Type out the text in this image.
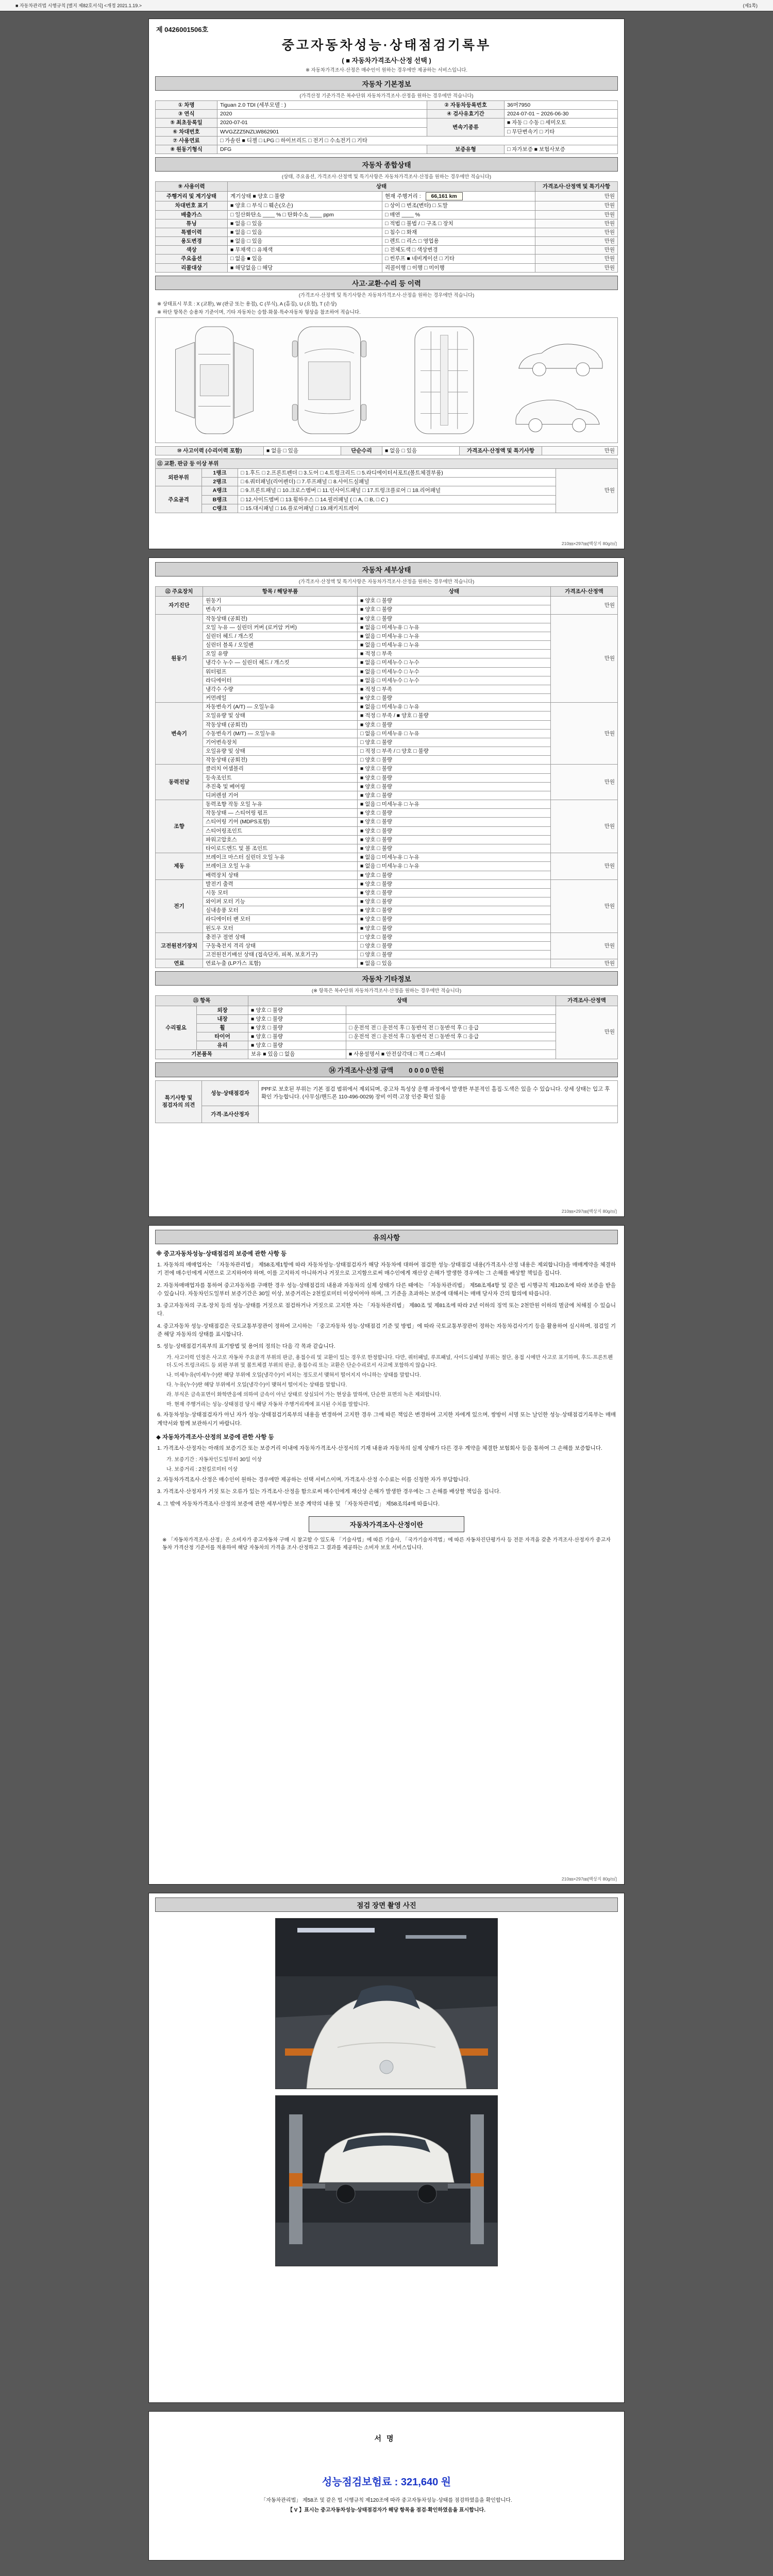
■ 자동차관리법 시행규칙 [별지 제82호서식] <개정 2021.1.19.>	(제1쪽)
제 0426001506호
중고자동차성능·상태점검기록부
( ■ 자동차가격조사·산정 선택 )
※ 자동차가격조사·산정은 매수인이 원하는 경우에만 제공하는 서비스입니다.
자동차 기본정보
(가격산정 기준가격은 복수단위 자동차가격조사·산정을 원하는 경우에만 적습니다)
① 차명	Tiguan 2.0 TDI (세부모델 : )	② 자동차등록번호	36머7950
③ 연식	2020	④ 검사유효기간	2024-07-01 ~ 2026-06-30
⑤ 최초등록일	2020-07-01	변속기종류	■ 자동 □ 수동 □ 세미오토
⑥ 차대번호	WVGZZZ5NZLW862901		□ 무단변속기 □ 기타
⑦ 사용연료	□ 가솔린 ■ 디젤 □ LPG □ 하이브리드 □ 전기 □ 수소전기 □ 기타		
⑧ 원동기형식	DFG	보증유형	□ 자가보증 ■ 보험사보증
자동차 종합상태
(상태, 주요옵션, 가격조사·산정액 및 특기사항은 자동차가격조사·산정을 원하는 경우에만 적습니다)
⑨ 사용이력	상태		가격조사·산정액 및 특기사항
주행거리 및 계기상태	계기상태 ■ 양호 □ 불량	현재 주행거리 : 66,161 km	만원
차대번호 표기	■ 양호 □ 부식 □ 훼손(오손)	□ 상이 □ 변조(변타) □ 도말	만원
배출가스	□ 일산화탄소 ____ % □ 탄화수소 ____ ppm	□ 매연 ____ %	만원
튜닝	■ 없음 □ 있음	□ 적법 □ 불법 / □ 구조 □ 장치	만원
특별이력	■ 없음 □ 있음	□ 침수 □ 화재	만원
용도변경	■ 없음 □ 있음	□ 렌트 □ 리스 □ 영업용	만원
색상	■ 무채색 □ 유채색	□ 전체도색 □ 색상변경	만원
주요옵션	□ 없음 ■ 있음	□ 썬루프 ■ 네비게이션 □ 기타	만원
리콜대상	■ 해당없음 □ 해당	리콜이행 □ 이행 □ 미이행	만원
사고·교환·수리 등 이력
(가격조사·산정액 및 특기사항은 자동차가격조사·산정을 원하는 경우에만 적습니다)
※ 상태표시 부호 : X (교환), W (판금 또는 용접), C (부식), A (흠집), U (요철), T (손상)
※ 하단 항목은 승용차 기준이며, 기타 자동차는 승합·화물·특수자동차 형상을 참조하여 적습니다.
⑩ 사고이력 (수리이력 포함)	■ 없음 □ 있음	단순수리	■ 없음 □ 있음	가격조사·산정액 및 특기사항	만원
⑪ 교환, 판금 등 이상 부위			
외판부위	1랭크	□ 1.후드 □ 2.프론트펜더 □ 3.도어 □ 4.트렁크리드 □ 5.라디에이터서포트(볼트체결부품)	만원
	2랭크	□ 6.쿼터패널(리어펜더) □ 7.루프패널 □ 8.사이드실패널	
주요골격	A랭크	□ 9.프론트패널 □ 10.크로스멤버 □ 11.인사이드패널 □ 17.트렁크플로어 □ 18.리어패널	
	B랭크	□ 12.사이드멤버 □ 13.휠하우스 □ 14.필러패널 ( □ A, □ B, □ C )	
	C랭크	□ 15.대시패널 □ 16.플로어패널 □ 19.패키지트레이	
210㎜×297㎜[백상지 80g/㎡]
자동차 세부상태
(가격조사·산정액 및 특기사항은 자동차가격조사·산정을 원하는 경우에만 적습니다)
⑫ 주요장치	항목 / 해당부품	상태	가격조사·산정액
자기진단	원동기	■ 양호 □ 불량	만원
	변속기	■ 양호 □ 불량	
원동기	작동상태 (공회전)	■ 양호 □ 불량	만원
	오일 누유 — 실린더 커버 (로커암 커버)	■ 없음 □ 미세누유 □ 누유	
	실린더 헤드 / 개스킷	■ 없음 □ 미세누유 □ 누유	
	실린더 블록 / 오일팬	■ 없음 □ 미세누유 □ 누유	
	오일 유량	■ 적정 □ 부족	
	냉각수 누수 — 실린더 헤드 / 개스킷	■ 없음 □ 미세누수 □ 누수	
	워터펌프	■ 없음 □ 미세누수 □ 누수	
	라디에이터	■ 없음 □ 미세누수 □ 누수	
	냉각수 수량	■ 적정 □ 부족	
	커먼레일	■ 양호 □ 불량	
변속기	자동변속기 (A/T) — 오일누유	■ 없음 □ 미세누유 □ 누유	만원
	오일유량 및 상태	■ 적정 □ 부족 / ■ 양호 □ 불량	
	작동상태 (공회전)	■ 양호 □ 불량	
	수동변속기 (M/T) — 오일누유	□ 없음 □ 미세누유 □ 누유	
	기어변속장치	□ 양호 □ 불량	
	오일유량 및 상태	□ 적정 □ 부족 / □ 양호 □ 불량	
	작동상태 (공회전)	□ 양호 □ 불량	
동력전달	클러치 어셈블리	■ 양호 □ 불량	만원
	등속조인트	■ 양호 □ 불량	
	추진축 및 베어링	■ 양호 □ 불량	
	디퍼렌셜 기어	■ 양호 □ 불량	
조향	동력조향 작동 오일 누유	■ 없음 □ 미세누유 □ 누유	만원
	작동상태 — 스티어링 펌프	■ 양호 □ 불량	
	스티어링 기어 (MDPS포함)	■ 양호 □ 불량	
	스티어링조인트	■ 양호 □ 불량	
	파워고압호스	■ 양호 □ 불량	
	타이로드엔드 및 볼 조인트	■ 양호 □ 불량	
제동	브레이크 마스터 실린더 오일 누유	■ 없음 □ 미세누유 □ 누유	만원
	브레이크 오일 누유	■ 없음 □ 미세누유 □ 누유	
	배력장치 상태	■ 양호 □ 불량	
전기	발전기 출력	■ 양호 □ 불량	만원
	시동 모터	■ 양호 □ 불량	
	와이퍼 모터 기능	■ 양호 □ 불량	
	실내송풍 모터	■ 양호 □ 불량	
	라디에이터 팬 모터	■ 양호 □ 불량	
	윈도우 모터	■ 양호 □ 불량	
고전원전기장치	충전구 절연 상태	□ 양호 □ 불량	만원
	구동축전지 격리 상태	□ 양호 □ 불량	
	고전원전기배선 상태 (접속단자, 피복, 보호기구)	□ 양호 □ 불량	
연료	연료누출 (LP가스 포함)	■ 없음 □ 있음	만원
자동차 기타정보
(※ 항목은 복수단위 자동차가격조사·산정을 원하는 경우에만 적습니다)
⑬ 항목		상태		가격조사·산정액
수리필요	외장	■ 양호 □ 불량		만원
	내장	■ 양호 □ 불량		
	휠	■ 양호 □ 불량	□ 운전석 전 □ 운전석 후 □ 동반석 전 □ 동반석 후 □ 응급	
	타이어	■ 양호 □ 불량	□ 운전석 전 □ 운전석 후 □ 동반석 전 □ 동반석 후 □ 응급	
	유리	■ 양호 □ 불량		
기본품목		보유 ■ 있음 □ 없음	■ 사용설명서 ■ 안전삼각대 □ 잭 □ 스패너	
⑭ 가격조사·산정 금액 0 0 0 0 만원
특기사항 및 점검자의 의견	성능·상태점검자	PPF로 보호된 부위는 기본 점검 범위에서 제외되며, 중고차 특성상 운행 과정에서 발생한 부분적인 흠집·도색은 있을 수 있습니다. 상세 상태는 입고 후 확인 가능합니다. (사무실/핸드폰 110-496-0029) 장비 이력·고장 인증 확인 있음
	가격·조사산정자	
210㎜×297㎜[백상지 80g/㎡]
유의사항
※ 중고자동차성능·상태점검의 보증에 관한 사항 등
1. 자동차의 매매업자는 「자동차관리법」 제58조제1항에 따라 자동차성능·상태점검자가 해당 자동차에 대하여 점검한 성능·상태점검 내용(가격조사·산정 내용은 제외합니다)을 매매계약을 체결하기 전에 매수인에게 서면으로 고지하여야 하며, 이를 고지하지 아니하거나 거짓으로 고지함으로써 매수인에게 재산상 손해가 발생한 경우에는 그 손해를 배상할 책임을 집니다.
2. 자동차매매업자를 통하여 중고자동차를 구매한 경우 성능·상태점검의 내용과 자동차의 실제 상태가 다른 때에는 「자동차관리법」 제58조제4항 및 같은 법 시행규칙 제120조에 따라 보증을 받을 수 있습니다. 자동차인도일부터 보증기간은 30일 이상, 보증거리는 2천킬로미터 이상이어야 하며, 그 기준을 초과하는 보증에 대해서는 매매 당사자 간의 합의에 따릅니다.
3. 중고자동차의 구조·장치 등의 성능·상태를 거짓으로 점검하거나 거짓으로 고지한 자는 「자동차관리법」 제80조 및 제81조에 따라 2년 이하의 징역 또는 2천만원 이하의 벌금에 처해질 수 있습니다.
4. 중고자동차 성능·상태점검은 국토교통부장관이 정하여 고시하는 「중고자동차 성능·상태점검 기준 및 방법」에 따라 국토교통부장관이 정하는 자동차검사기기 등을 활용하여 실시하며, 점검일 기준 해당 자동차의 상태를 표시합니다.
5. 성능·상태점검기록부의 표기방법 및 용어의 정의는 다음 각 목과 같습니다.
가. 사고이력 인정은 사고로 자동차 주요골격 부위의 판금, 용접수리 및 교환이 있는 경우로 한정합니다. 다만, 쿼터패널, 루프패널, 사이드실패널 부위는 절단, 용접 시에만 사고로 표기하며, 후드·프론트펜더·도어·트렁크리드 등 외판 부위 및 볼트체결 부위의 판금, 용접수리 또는 교환은 단순수리로서 사고에 포함하지 않습니다.
나. 미세누유(미세누수)란 해당 부위에 오일(냉각수)이 비치는 정도로서 맺혀서 떨어지지 아니하는 상태를 말합니다.
다. 누유(누수)란 해당 부위에서 오일(냉각수)이 맺혀서 떨어지는 상태를 말합니다.
라. 부식은 금속표면이 화학반응에 의하여 금속이 아닌 상태로 상실되어 가는 현상을 말하며, 단순한 표면의 녹은 제외합니다.
마. 현재 주행거리는 성능·상태점검 당시 해당 자동차 주행거리계에 표시된 수치를 말합니다.
6. 자동차성능·상태점검자가 아닌 자가 성능·상태점검기록부의 내용을 변경하여 고지한 경우 그에 따른 책임은 변경하여 고지한 자에게 있으며, 쌍방이 서명 또는 날인한 성능·상태점검기록부는 매매계약서와 함께 보관하시기 바랍니다.
◆ 자동차가격조사·산정의 보증에 관한 사항 등
1. 가격조사·산정자는 아래의 보증기간 또는 보증거리 이내에 자동차가격조사·산정서의 기재 내용과 자동차의 실제 상태가 다른 경우 계약을 체결한 보험회사 등을 통하여 그 손해를 보증합니다.
가. 보증기간 : 자동차인도일부터 30일 이상
나. 보증거리 : 2천킬로미터 이상
2. 자동차가격조사·산정은 매수인이 원하는 경우에만 제공하는 선택 서비스이며, 가격조사·산정 수수료는 이를 신청한 자가 부담합니다.
3. 가격조사·산정자가 거짓 또는 오류가 있는 가격조사·산정을 함으로써 매수인에게 재산상 손해가 발생한 경우에는 그 손해를 배상할 책임을 집니다.
4. 그 밖에 자동차가격조사·산정의 보증에 관한 세부사항은 보증 계약의 내용 및 「자동차관리법」 제58조의4에 따릅니다.
자동차가격조사·산정이란
※ 「자동차가격조사·산정」은 소비자가 중고자동차 구매 시 참고할 수 있도록 「기술사법」에 따른 기술사, 「국가기술자격법」에 따른 자동차진단평가사 등 전문 자격을 갖춘 가격조사·산정자가 중고자동차 가격산정 기준서를 적용하여 해당 자동차의 가격을 조사·산정하고 그 결과를 제공하는 소비자 보호 서비스입니다.
210㎜×297㎜[백상지 80g/㎡]
점검 장면 촬영 사진
서명
성능점검보험료 : 321,640 원
「자동차관리법」 제58조 및 같은 법 시행규칙 제120조에 따라 중고자동차성능·상태를 점검하였음을 확인합니다.
【 V 】표시는 중고자동차성능·상태점검자가 해당 항목을 점검·확인하였음을 표시합니다.
